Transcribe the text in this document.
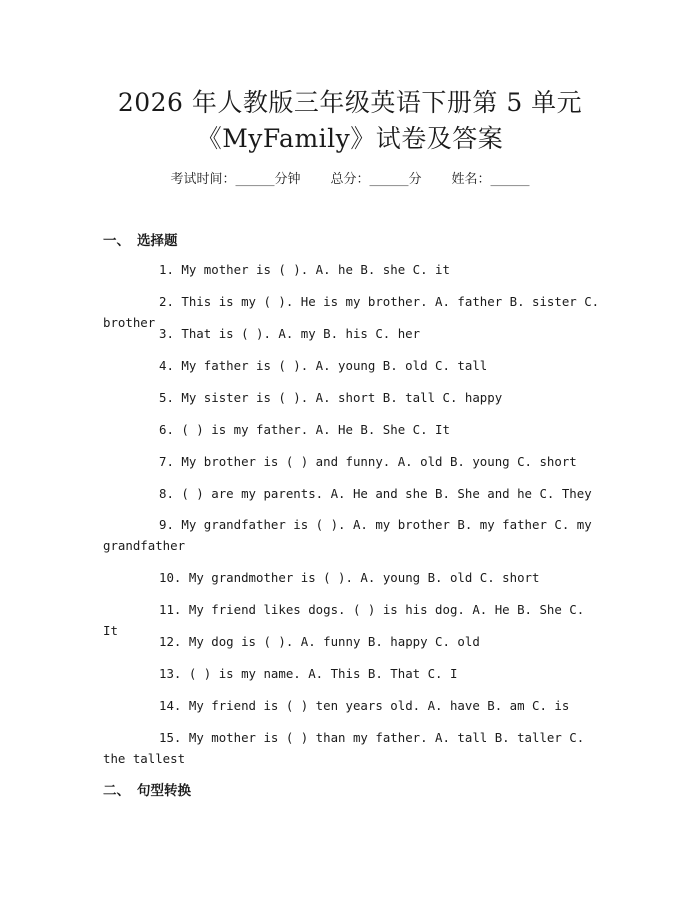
2026 年人教版三年级英语下册第 5 单元
《MyFamily》试卷及答案
考试时间：______分钟 总分：______分 姓名：______
一、 选择题
1. My mother is ( ). A. he B. she C. it
2. This is my ( ). He is my brother. A. father B. sister C. brother
3. That is ( ). A. my B. his C. her
4. My father is ( ). A. young B. old C. tall
5. My sister is ( ). A. short B. tall C. happy
6. ( ) is my father. A. He B. She C. It
7. My brother is ( ) and funny. A. old B. young C. short
8. ( ) are my parents. A. He and she B. She and he C. They
9. My grandfather is ( ). A. my brother B. my father C. my grandfather
10. My grandmother is ( ). A. young B. old C. short
11. My friend likes dogs. ( ) is his dog. A. He B. She C. It
12. My dog is ( ). A. funny B. happy C. old
13. ( ) is my name. A. This B. That C. I
14. My friend is ( ) ten years old. A. have B. am C. is
15. My mother is ( ) than my father. A. tall B. taller C. the tallest
二、 句型转换
